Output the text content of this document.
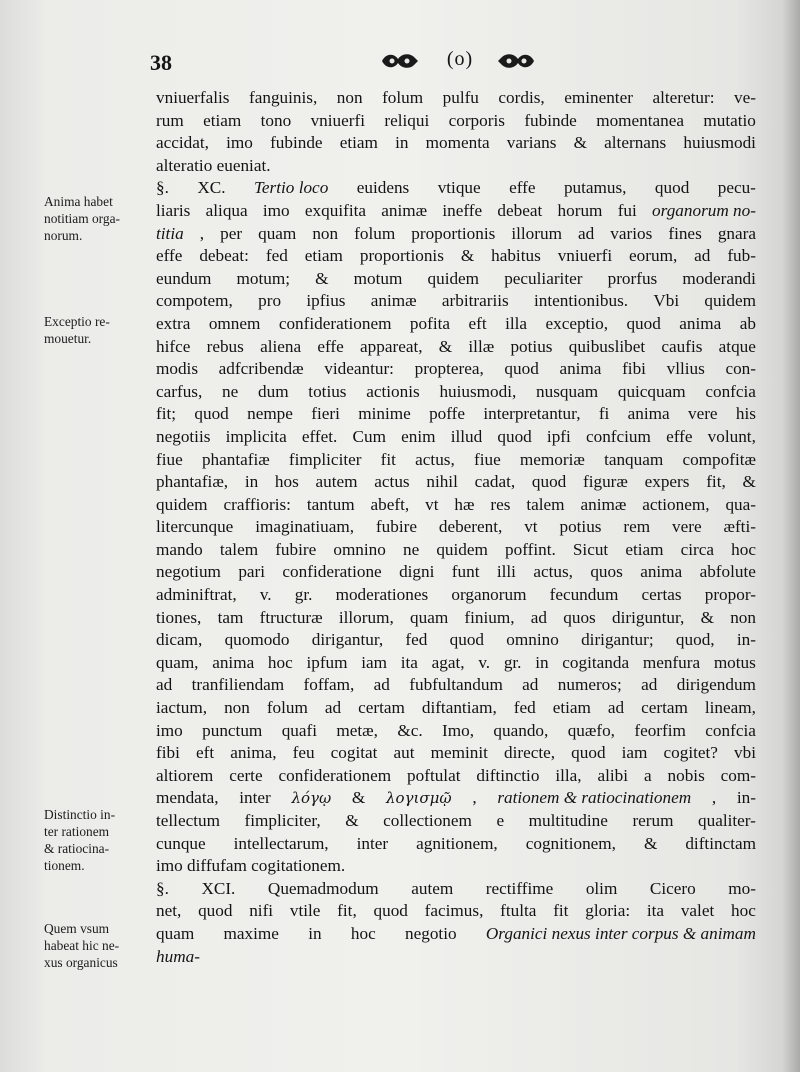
38	(o)
Anima habet
notitiam orga-
norum.
Exceptio re-
mouetur.
Distinctio in-
ter rationem
& ratiocina-
tionem.
Quem vsum
habeat hic ne-
xus organicus
vniuerfalis fanguinis, non folum pulfu cordis, eminenter alteretur: ve-
rum etiam tono vniuerfi reliqui corporis fubinde momentanea mutatio
accidat, imo fubinde etiam in momenta varians & alternans huiusmodi
alteratio eueniat.
§. XC. Tertio loco euidens vtique effe putamus, quod pecu-
liaris aliqua imo exquifita animæ ineffe debeat horum fui organorum no-
titia , per quam non folum proportionis illorum ad varios fines gnara
effe debeat: fed etiam proportionis & habitus vniuerfi eorum, ad fub-
eundum motum; & motum quidem peculiariter prorfus moderandi
compotem, pro ipfius animæ arbitrariis intentionibus. Vbi quidem
extra omnem confiderationem pofita eft illa exceptio, quod anima ab
hifce rebus aliena effe appareat, & illæ potius quibuslibet caufis atque
modis adfcribendæ videantur: propterea, quod anima fibi vllius con-
carfus, ne dum totius actionis huiusmodi, nusquam quicquam confcia
fit; quod nempe fieri minime poffe interpretantur, fi anima vere his
negotiis implicita effet. Cum enim illud quod ipfi confcium effe volunt,
fiue phantafiæ fimpliciter fit actus, fiue memoriæ tanquam compofitæ
phantafiæ, in hos autem actus nihil cadat, quod figuræ expers fit, &
quidem craffioris: tantum abeft, vt hæ res talem animæ actionem, qua-
litercunque imaginatiuam, fubire deberent, vt potius rem vere æfti-
mando talem fubire omnino ne quidem poffint. Sicut etiam circa hoc
negotium pari confideratione digni funt illi actus, quos anima abfolute
adminiftrat, v. gr. moderationes organorum fecundum certas propor-
tiones, tam ftructuræ illorum, quam finium, ad quos diriguntur, & non
dicam, quomodo dirigantur, fed quod omnino dirigantur; quod, in-
quam, anima hoc ipfum iam ita agat, v. gr. in cogitanda menfura motus
ad tranfiliendam foffam, ad fubfultandum ad numeros; ad dirigendum
iactum, non folum ad certam diftantiam, fed etiam ad certam lineam,
imo punctum quafi metæ, &c. Imo, quando, quæfo, feorfim confcia
fibi eft anima, feu cogitat aut meminit directe, quod iam cogitet? vbi
altiorem certe confiderationem poftulat diftinctio illa, alibi a nobis com-
mendata, inter λόγῳ & λογισμῷ , rationem & ratiocinationem , in-
tellectum fimpliciter, & collectionem e multitudine rerum qualiter-
cunque intellectarum, inter agnitionem, cognitionem, & diftinctam
imo diffufam cogitationem.
§. XCI. Quemadmodum autem rectiffime olim Cicero mo-
net, quod nifi vtile fit, quod facimus, ftulta fit gloria: ita valet hoc
quam maxime in hoc negotio Organici nexus inter corpus & animam
huma-
